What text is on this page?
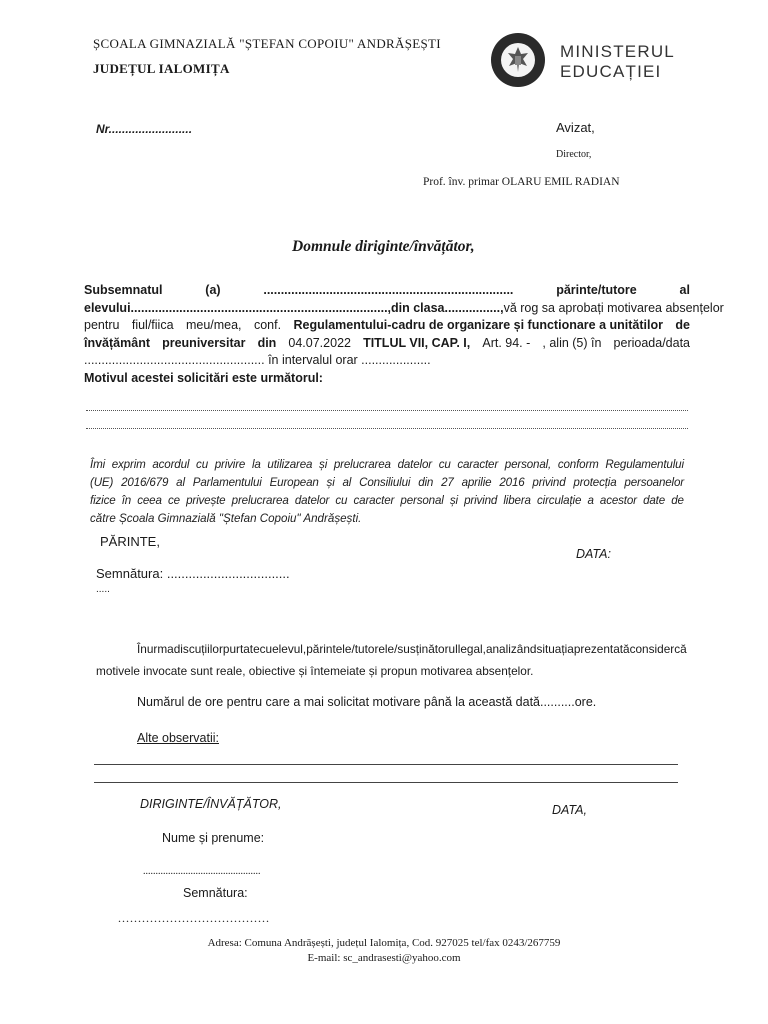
ȘCOALA GIMNAZIALĂ "ȘTEFAN COPOIU" ANDRĂȘEȘTI
JUDEȚUL IALOMIȚA
MINISTERUL
EDUCAȚIEI
Nr.........................	Avizat,
Director,
Prof. înv. primar OLARU EMIL RADIAN
Domnule diriginte/învățător,
Subsemnatul	(a)	........................................................................	părinte/tutore	al
elevului .........................................................................., din clasa ................, vă rog sa aprobați motivarea absențelor
pentru fiul/fiica meu/mea, conf. Regulamentului-cadru de organizare și functionare a unitătilor de
învățământ preuniversitar din 04.07.2022 TITLUL VII, CAP. I, Art. 94. - , alin (5) în perioada/data
.................................................... în intervalul orar ....................
Motivul acestei solicitări este următorul:
Îmi exprim acordul cu privire la utilizarea și prelucrarea datelor cu caracter personal, conform Regulamentului
(UE) 2016/679 al Parlamentului European și al Consiliului din 27 aprilie 2016 privind protecția persoanelor
fizice în ceea ce privește prelucrarea datelor cu caracter personal și privind libera circulație a acestor date de
către Școala Gimnazială "Ștefan Copoiu" Andrășești.
PĂRINTE,
DATA:
Semnătura: ..................................
.....
În urma discuțiilor purtate cu elevul, părintele / tutorele / susținătorul legal, analizând situația prezentată consider că
motivele invocate sunt reale, obiective și întemeiate și propun motivarea absențelor.
Numărul de ore pentru care a mai solicitat motivare până la această dată..........ore.
Alte observatii:
DIRIGINTE/ÎNVĂȚĂTOR,	DATA,
Nume și prenume:
...............................................
Semnătura:
......................................
Adresa: Comuna Andrășești, județul Ialomița, Cod. 927025 tel/fax 0243/267759
E-mail: sc_andrasesti@yahoo.com
